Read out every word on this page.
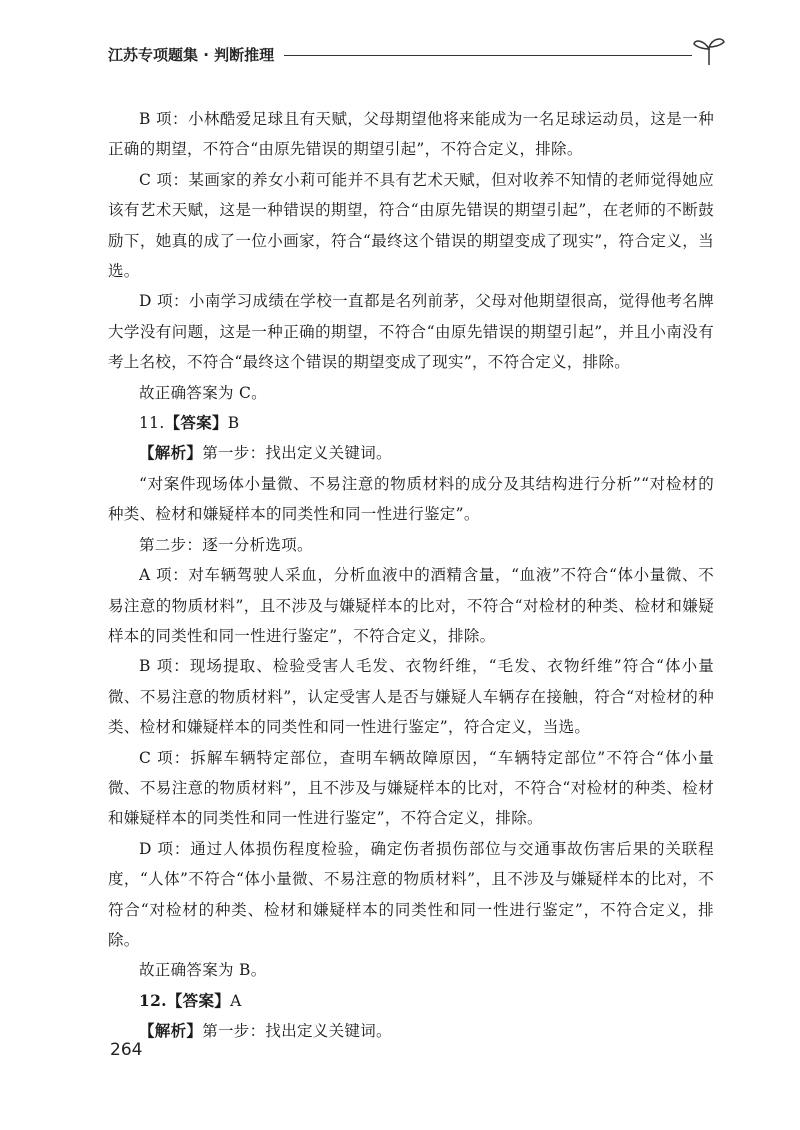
江苏专项题集 · 判断推理

B 项：小林酷爱足球且有天赋，父母期望他将来能成为一名足球运动员，这是一种正确的期望，不符合“由原先错误的期望引起”，不符合定义，排除。

C 项：某画家的养女小莉可能并不具有艺术天赋，但对收养不知情的老师觉得她应该有艺术天赋，这是一种错误的期望，符合“由原先错误的期望引起”，在老师的不断鼓励下，她真的成了一位小画家，符合“最终这个错误的期望变成了现实”，符合定义，当选。

D 项：小南学习成绩在学校一直都是名列前茅，父母对他期望很高，觉得他考名牌大学没有问题，这是一种正确的期望，不符合“由原先错误的期望引起”，并且小南没有考上名校，不符合“最终这个错误的期望变成了现实”，不符合定义，排除。

故正确答案为 C。

11.【答案】B

【解析】第一步：找出定义关键词。

“对案件现场体小量微、不易注意的物质材料的成分及其结构进行分析”“对检材的种类、检材和嫌疑样本的同类性和同一性进行鉴定”。

第二步：逐一分析选项。

A 项：对车辆驾驶人采血，分析血液中的酒精含量，“血液”不符合“体小量微、不易注意的物质材料”，且不涉及与嫌疑样本的比对，不符合“对检材的种类、检材和嫌疑样本的同类性和同一性进行鉴定”，不符合定义，排除。

B 项：现场提取、检验受害人毛发、衣物纤维，“毛发、衣物纤维”符合“体小量微、不易注意的物质材料”，认定受害人是否与嫌疑人车辆存在接触，符合“对检材的种类、检材和嫌疑样本的同类性和同一性进行鉴定”，符合定义，当选。

C 项：拆解车辆特定部位，查明车辆故障原因，“车辆特定部位”不符合“体小量微、不易注意的物质材料”，且不涉及与嫌疑样本的比对，不符合“对检材的种类、检材和嫌疑样本的同类性和同一性进行鉴定”，不符合定义，排除。

D 项：通过人体损伤程度检验，确定伤者损伤部位与交通事故伤害后果的关联程度，“人体”不符合“体小量微、不易注意的物质材料”，且不涉及与嫌疑样本的比对，不符合“对检材的种类、检材和嫌疑样本的同类性和同一性进行鉴定”，不符合定义，排除。

故正确答案为 B。

12.【答案】A

【解析】第一步：找出定义关键词。

264
